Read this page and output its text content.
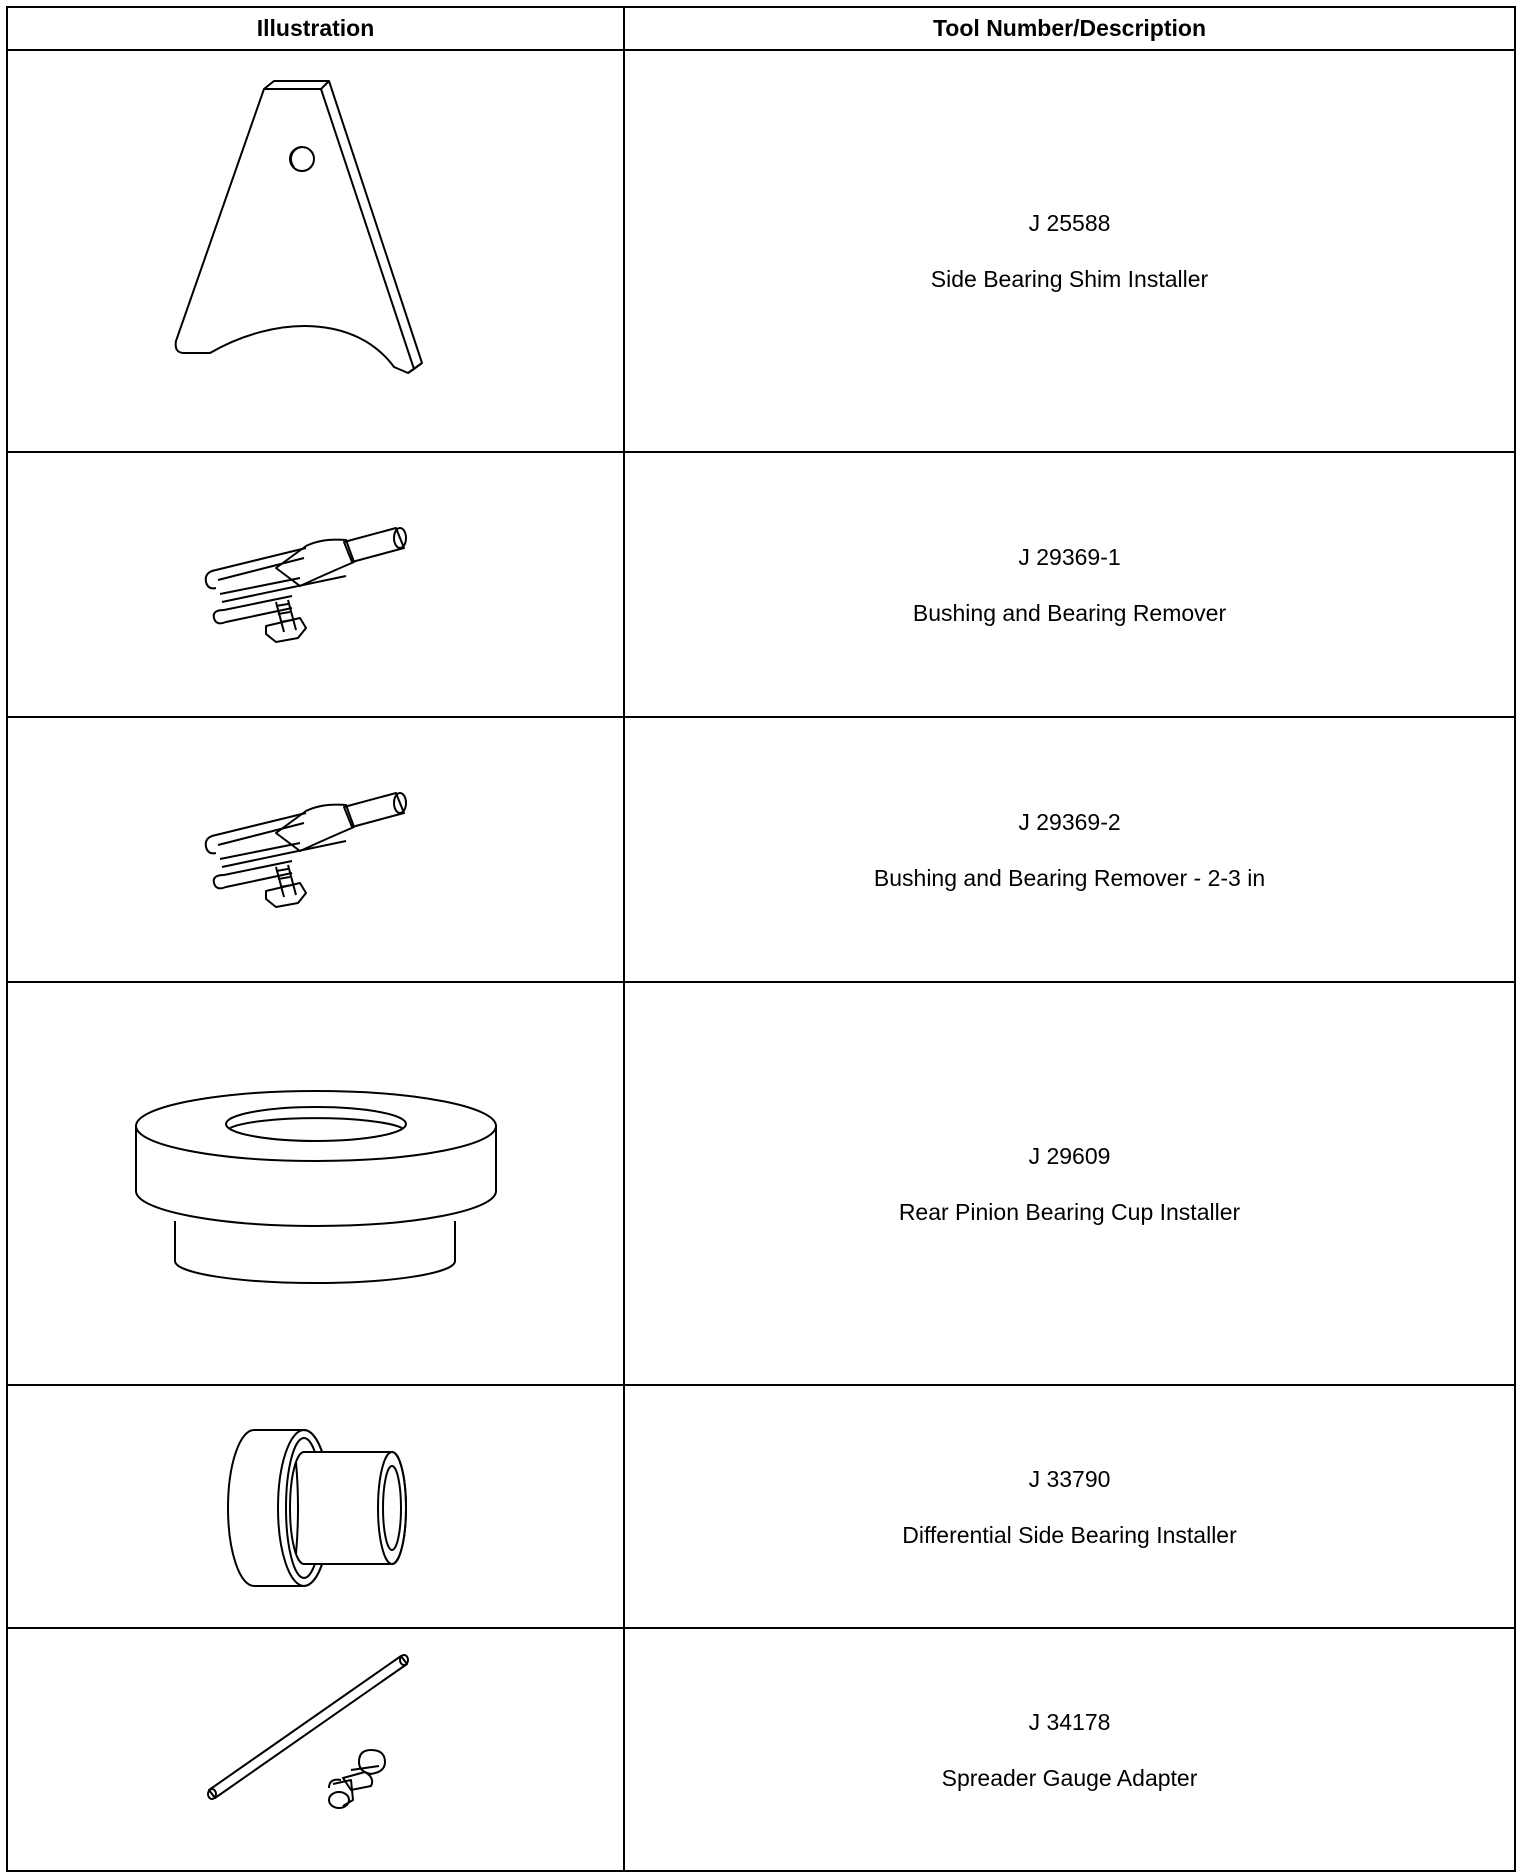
Illustration	Tool Number/Description

J 25588
Side Bearing Shim Installer

J 29369-1
Bushing and Bearing Remover

J 29369-2
Bushing and Bearing Remover - 2-3 in

J 29609
Rear Pinion Bearing Cup Installer

J 33790
Differential Side Bearing Installer

J 34178
Spreader Gauge Adapter
